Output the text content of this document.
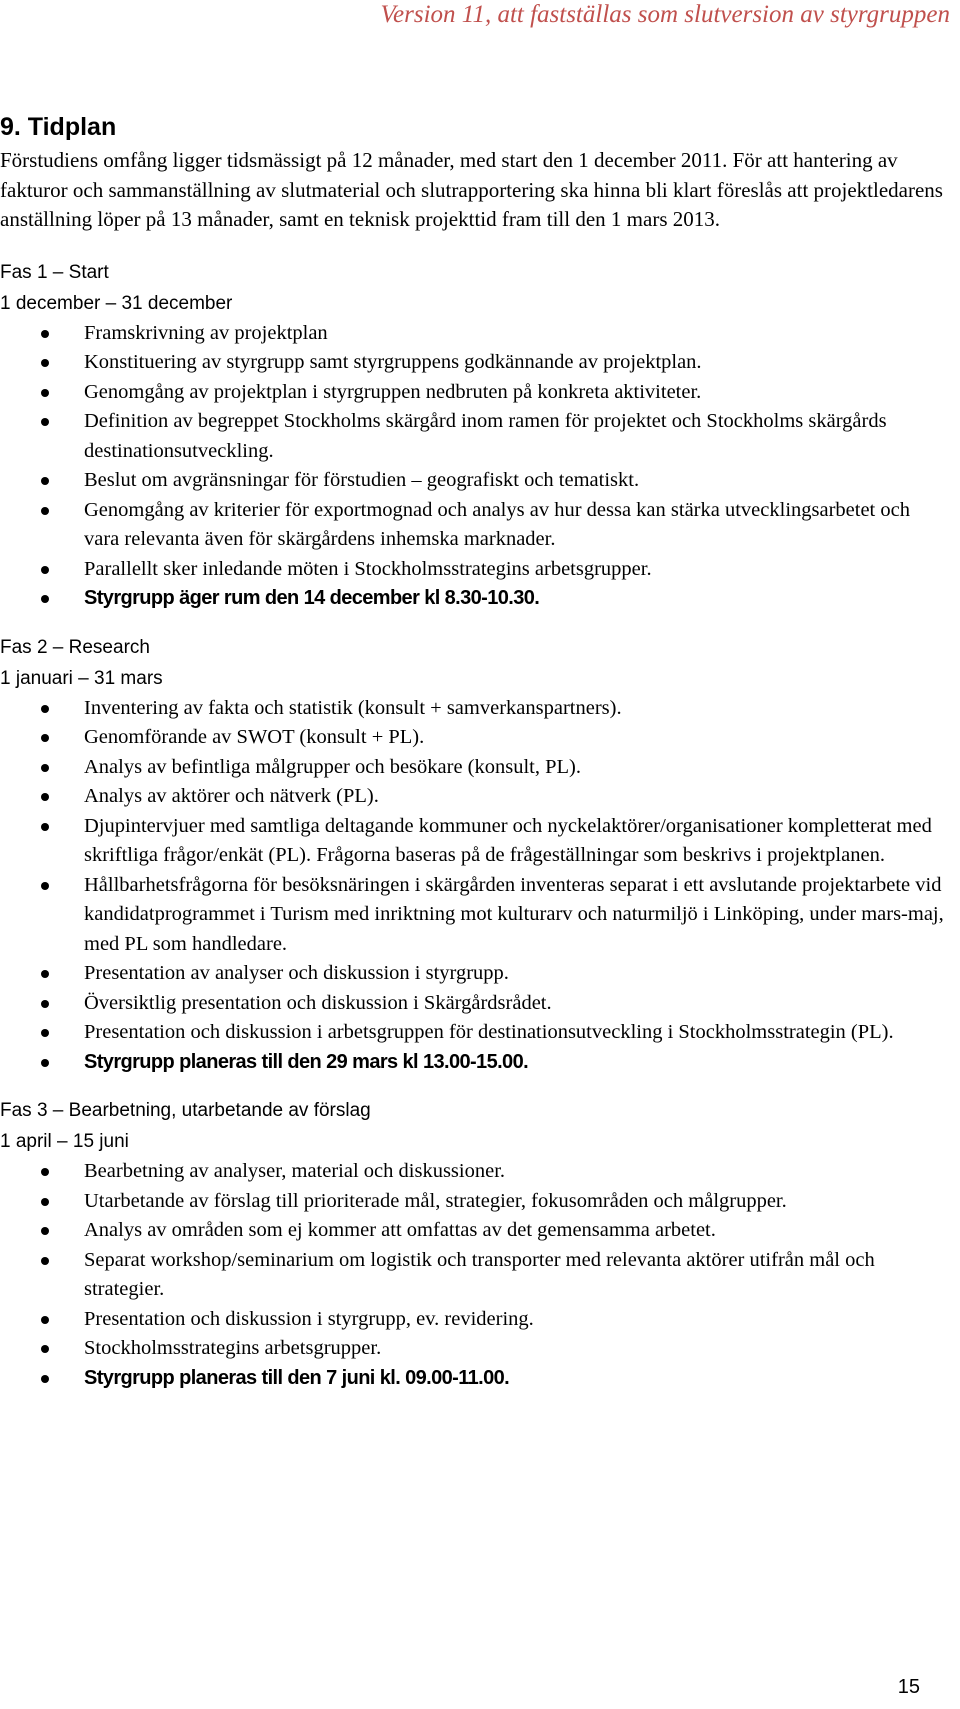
Version 11, att fastställas som slutversion av styrgruppen
9. Tidplan

Förstudiens omfång ligger tidsmässigt på 12 månader, med start den 1 december 2011. För att hantering av fakturor och sammanställning av slutmaterial och slutrapportering ska hinna bli klart föreslås att projektledarens anställning löper på 13 månader, samt en teknisk projekttid fram till den 1 mars 2013.

Fas 1 – Start

1 december – 31 december

Framskrivning av projektplan
Konstituering av styrgrupp samt styrgruppens godkännande av projektplan.
Genomgång av projektplan i styrgruppen nedbruten på konkreta aktiviteter.
Definition av begreppet Stockholms skärgård inom ramen för projektet och Stockholms skärgårds destinationsutveckling.
Beslut om avgränsningar för förstudien – geografiskt och tematiskt.
Genomgång av kriterier för exportmognad och analys av hur dessa kan stärka utvecklingsarbetet och vara relevanta även för skärgårdens inhemska marknader.
Parallellt sker inledande möten i Stockholmsstrategins arbetsgrupper.
Styrgrupp äger rum den 14 december kl 8.30-10.30.

Fas 2 – Research

1 januari – 31 mars

Inventering av fakta och statistik (konsult + samverkanspartners).
Genomförande av SWOT (konsult + PL).
Analys av befintliga målgrupper och besökare (konsult, PL).
Analys av aktörer och nätverk (PL).
Djupintervjuer med samtliga deltagande kommuner och nyckelaktörer/organisationer kompletterat med skriftliga frågor/enkät (PL). Frågorna baseras på de frågeställningar som beskrivs i projektplanen.
Hållbarhetsfrågorna för besöksnäringen i skärgården inventeras separat i ett avslutande projektarbete vid kandidatprogrammet i Turism med inriktning mot kulturarv och naturmiljö i Linköping, under mars-maj, med PL som handledare.
Presentation av analyser och diskussion i styrgrupp.
Översiktlig presentation och diskussion i Skärgårdsrådet.
Presentation och diskussion i arbetsgruppen för destinationsutveckling i Stockholmsstrategin (PL).
Styrgrupp planeras till den 29 mars kl 13.00-15.00.

Fas 3 – Bearbetning, utarbetande av förslag

1 april – 15 juni

Bearbetning av analyser, material och diskussioner.
Utarbetande av förslag till prioriterade mål, strategier, fokusområden och målgrupper.
Analys av områden som ej kommer att omfattas av det gemensamma arbetet.
Separat workshop/seminarium om logistik och transporter med relevanta aktörer utifrån mål och strategier.
Presentation och diskussion i styrgrupp, ev. revidering.
Stockholmsstrategins arbetsgrupper.
Styrgrupp planeras till den 7 juni kl. 09.00-11.00.
15
